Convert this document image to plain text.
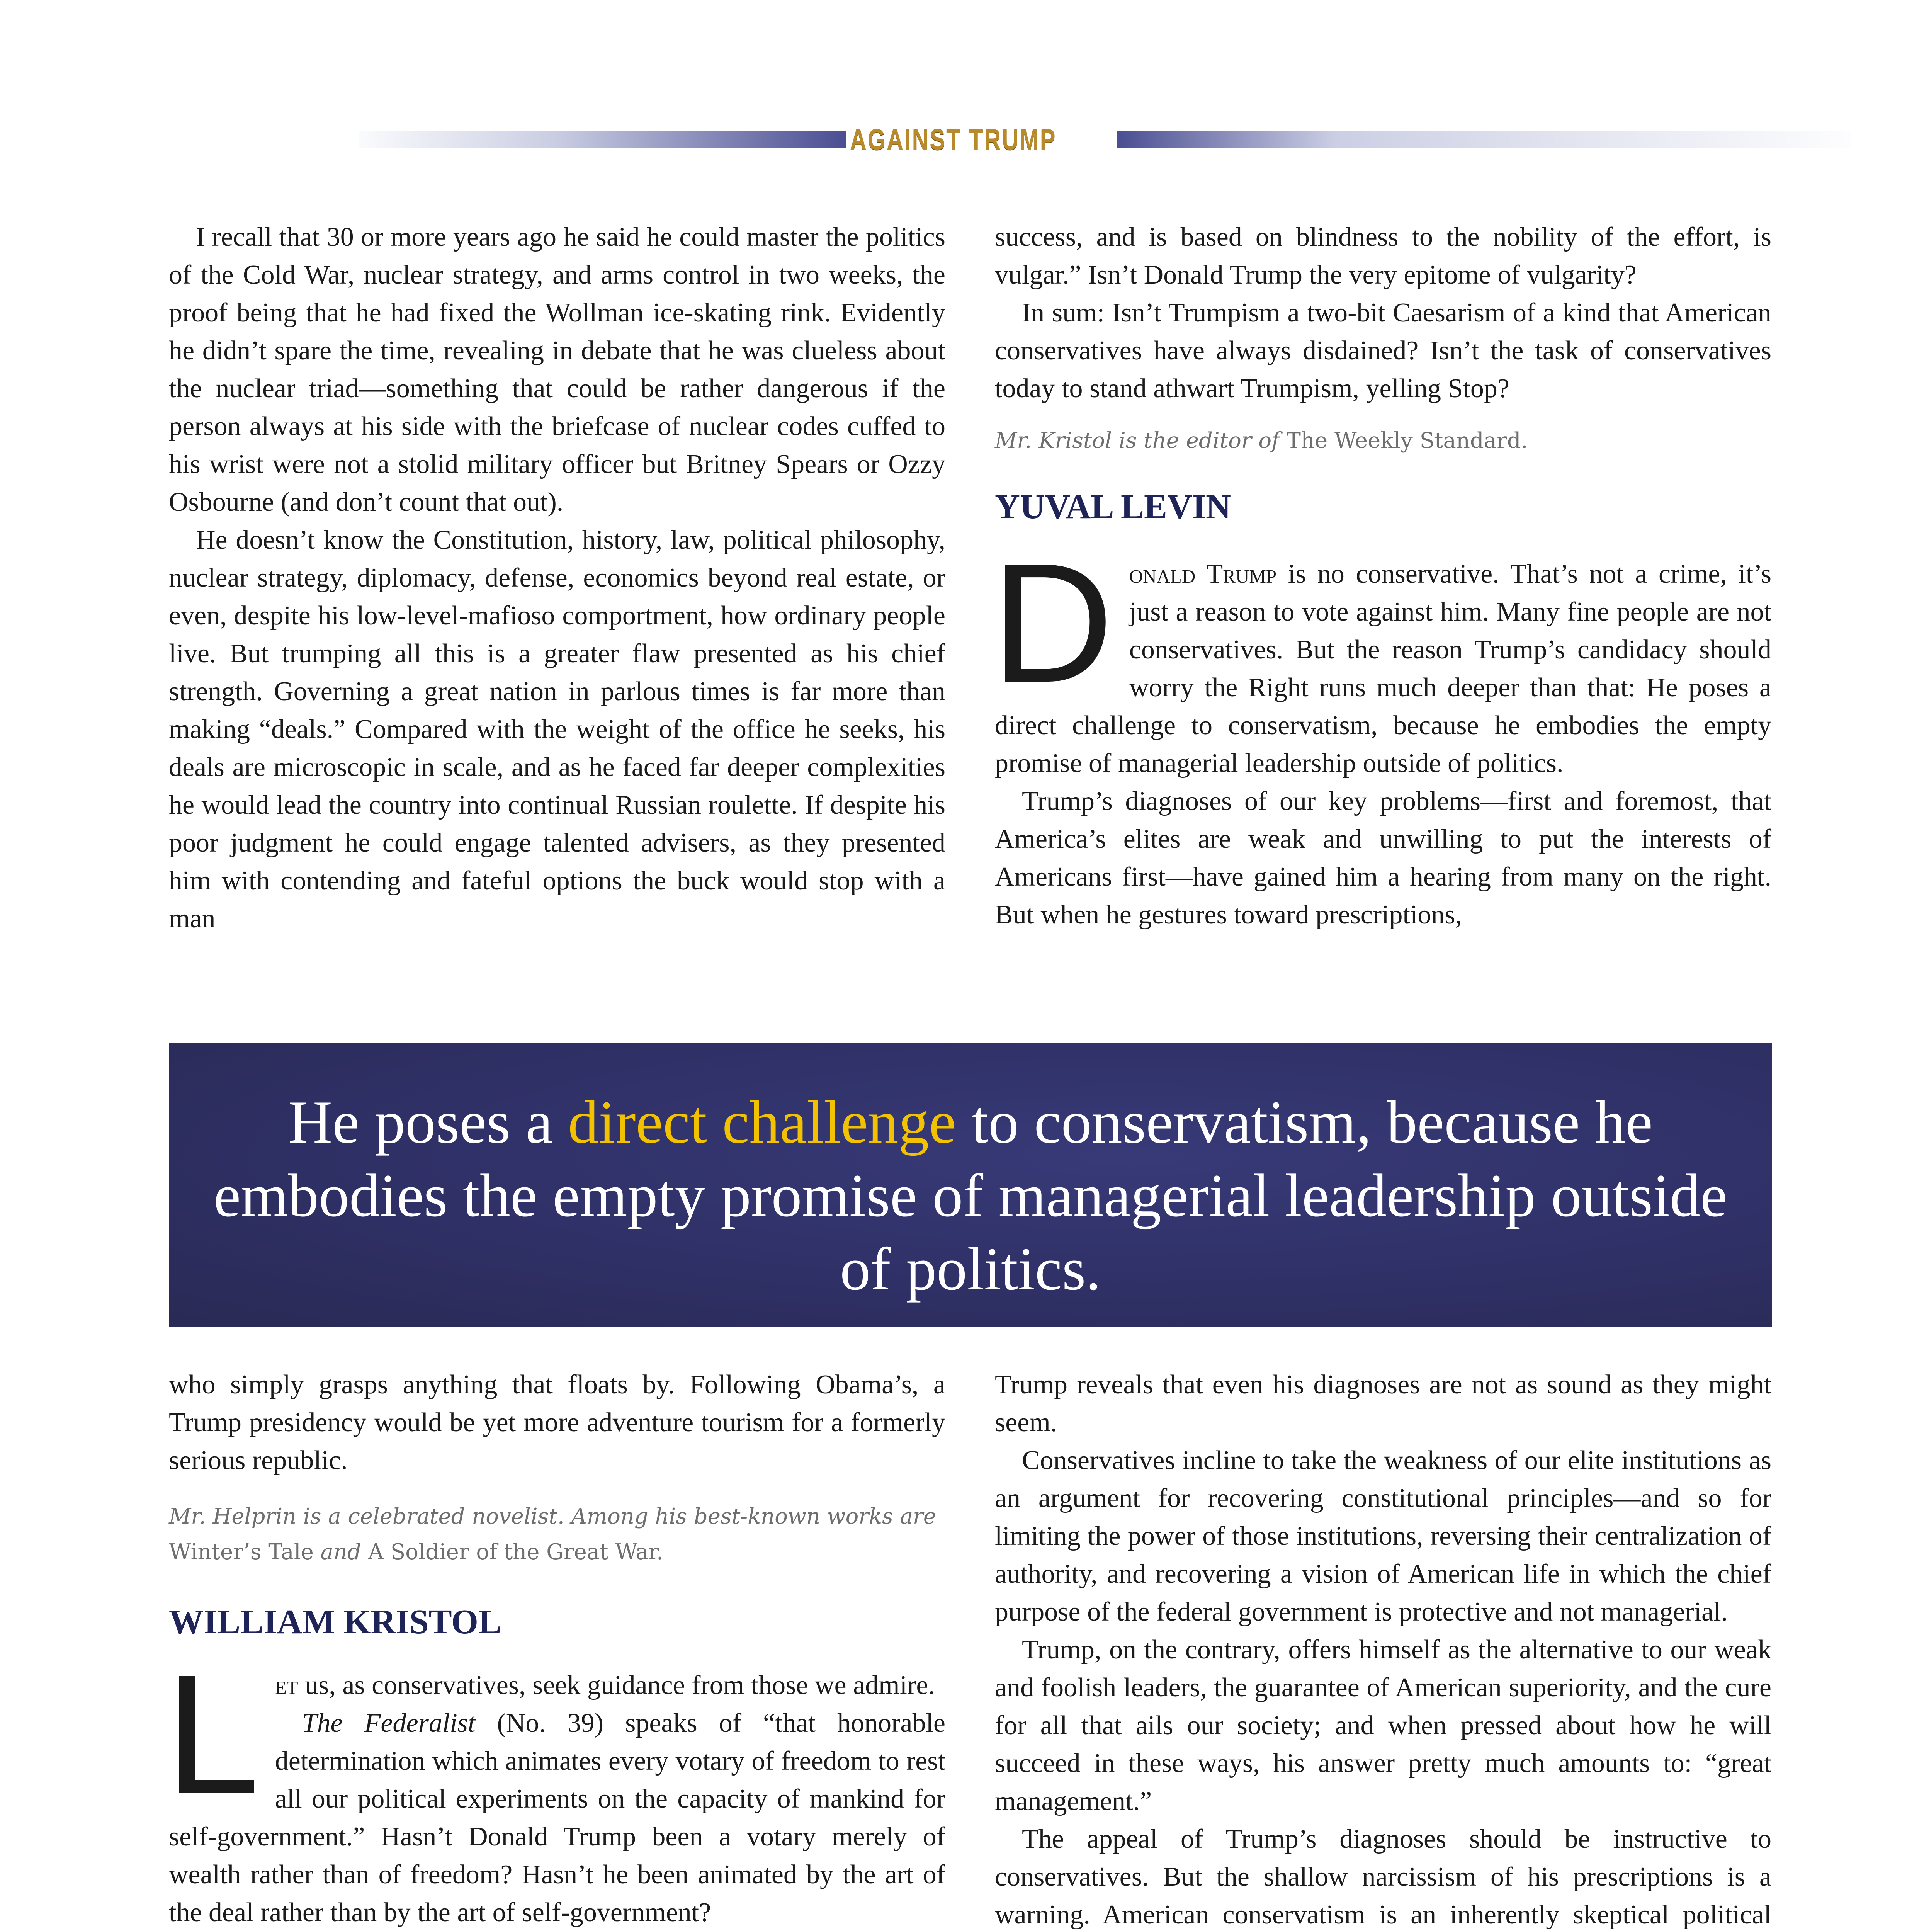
AGAINST TRUMP

I recall that 30 or more years ago he said he could master the politics of the Cold War, nuclear strategy, and arms control in two weeks, the proof being that he had fixed the Wollman ice-skating rink. Evidently he didn’t spare the time, revealing in debate that he was clueless about the nuclear triad—something that could be rather dangerous if the person always at his side with the briefcase of nuclear codes cuffed to his wrist were not a stolid military officer but Britney Spears or Ozzy Osbourne (and don’t count that out).

He doesn’t know the Constitution, history, law, political philosophy, nuclear strategy, diplomacy, defense, economics beyond real estate, or even, despite his low-level-mafioso comportment, how ordinary people live. But trumping all this is a greater flaw presented as his chief strength. Governing a great nation in parlous times is far more than making “deals.” Compared with the weight of the office he seeks, his deals are microscopic in scale, and as he faced far deeper complexities he would lead the country into continual Russian roulette. If despite his poor judgment he could engage talented advisers, as they presented him with contending and fateful options the buck would stop with a man

success, and is based on blindness to the nobility of the effort, is vulgar.” Isn’t Donald Trump the very epitome of vulgarity?

In sum: Isn’t Trumpism a two-bit Caesarism of a kind that American conservatives have always disdained? Isn’t the task of conservatives today to stand athwart Trumpism, yelling Stop?

Mr. Kristol is the editor of The Weekly Standard.

YUVAL LEVIN

Donald Trump is no conservative. That’s not a crime, it’s just a reason to vote against him. Many fine people are not conservatives. But the reason Trump’s candidacy should worry the Right runs much deeper than that: He poses a direct challenge to conservatism, because he embodies the empty promise of managerial leadership outside of politics.

Trump’s diagnoses of our key problems—first and foremost, that America’s elites are weak and unwilling to put the interests of Americans first—have gained him a hearing from many on the right. But when he gestures toward prescriptions,

He poses a direct challenge to conservatism, because he embodies the empty promise of managerial leadership outside of politics.

who simply grasps anything that floats by. Following Obama’s, a Trump presidency would be yet more adventure tourism for a formerly serious republic.

Mr. Helprin is a celebrated novelist. Among his best-known works are Winter’s Tale and A Soldier of the Great War.

WILLIAM KRISTOL

Let us, as conservatives, seek guidance from those we admire.

The Federalist (No. 39) speaks of “that honorable determination which animates every votary of freedom to rest all our political experiments on the capacity of mankind for self-government.” Hasn’t Donald Trump been a votary merely of wealth rather than of freedom? Hasn’t he been animated by the art of the deal rather than by the art of self-government?

Trump reveals that even his diagnoses are not as sound as they might seem.

Conservatives incline to take the weakness of our elite institutions as an argument for recovering constitutional principles—and so for limiting the power of those institutions, reversing their centralization of authority, and recovering a vision of American life in which the chief purpose of the federal government is protective and not managerial.

Trump, on the contrary, offers himself as the alternative to our weak and foolish leaders, the guarantee of American superiority, and the cure for all that ails our society; and when pressed about how he will succeed in these ways, his answer pretty much amounts to: “great management.”

The appeal of Trump’s diagnoses should be instructive to conservatives. But the shallow narcissism of his prescriptions is a warning. American conservatism is an inherently skeptical political
